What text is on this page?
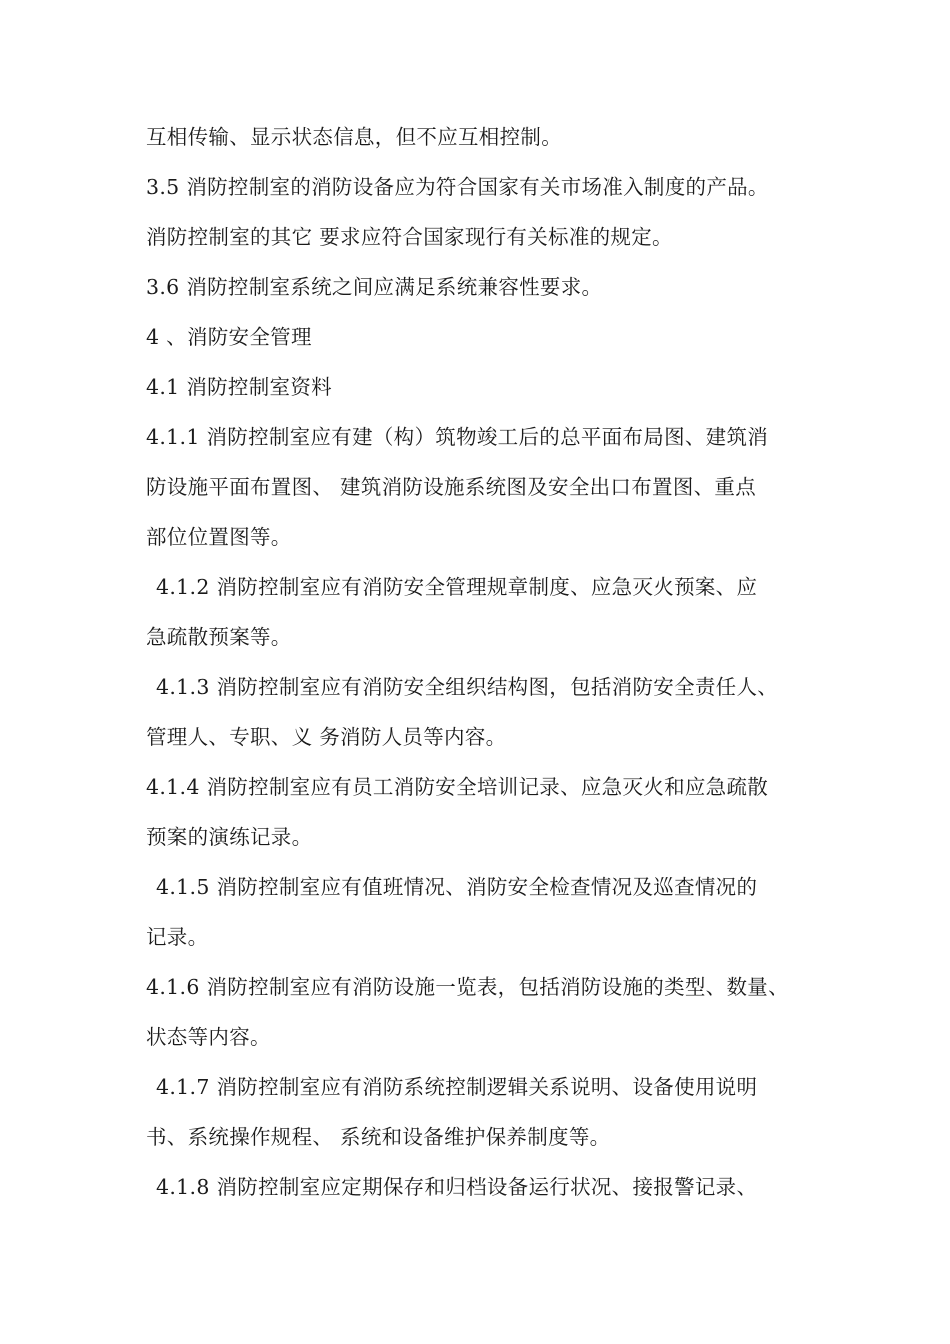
互相传输、显示状态信息，但不应互相控制。
3.5 消防控制室的消防设备应为符合国家有关市场准入制度的产品。
消防控制室的其它 要求应符合国家现行有关标准的规定。
3.6 消防控制室系统之间应满足系统兼容性要求。
4 、消防安全管理
4.1 消防控制室资料
4.1.1 消防控制室应有建（构）筑物竣工后的总平面布局图、建筑消
防设施平面布置图、 建筑消防设施系统图及安全出口布置图、重点
部位位置图等。
4.1.2 消防控制室应有消防安全管理规章制度、应急灭火预案、应
急疏散预案等。
4.1.3 消防控制室应有消防安全组织结构图，包括消防安全责任人、
管理人、专职、义 务消防人员等内容。
4.1.4 消防控制室应有员工消防安全培训记录、应急灭火和应急疏散
预案的演练记录。
4.1.5 消防控制室应有值班情况、消防安全检查情况及巡查情况的
记录。
4.1.6 消防控制室应有消防设施一览表，包括消防设施的类型、数量、
状态等内容。
4.1.7 消防控制室应有消防系统控制逻辑关系说明、设备使用说明
书、系统操作规程、 系统和设备维护保养制度等。
4.1.8 消防控制室应定期保存和归档设备运行状况、接报警记录、
